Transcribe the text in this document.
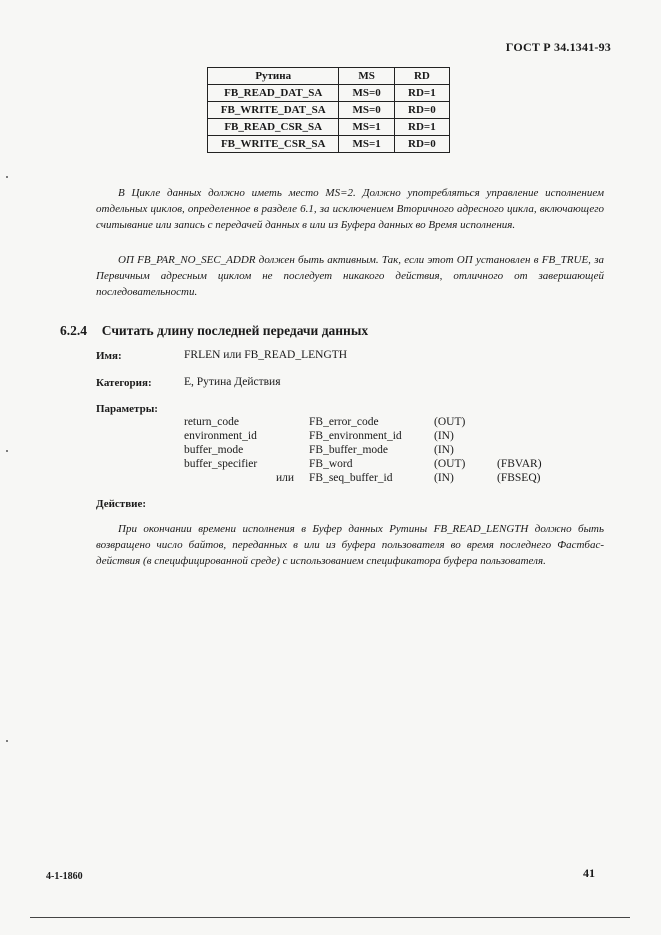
ГОСТ Р 34.1341-93
Рутина	MS	RD
FB_READ_DAT_SA	MS=0	RD=1
FB_WRITE_DAT_SA	MS=0	RD=0
FB_READ_CSR_SA	MS=1	RD=1
FB_WRITE_CSR_SA	MS=1	RD=0
В Цикле данных должно иметь место MS=2. Должно употребляться управление исполнением отдельных циклов, определенное в разделе 6.1, за исключением Вторичного адресного цикла, включающего считывание или запись с передачей данных в или из Буфера данных во Время исполнения.
ОП FB_PAR_NO_SEC_ADDR должен быть активным. Так, если этот ОП установлен в FB_TRUE, за Первичным адресным циклом не последует никакого действия, отличного от завершающей последовательности.
6.2.4 Считать длину последней передачи данных
Имя:	FRLEN или FB_READ_LENGTH
Категория:	Е, Рутина Действия
Параметры:
return_code	FB_error_code	(OUT)
environment_id	FB_environment_id	(IN)
buffer_mode	FB_buffer_mode	(IN)
buffer_specifier	FB_word	(OUT)	(FBVAR)
или FB_seq_buffer_id	(IN)	(FBSEQ)
Действие:
При окончании времени исполнения в Буфер данных Рутины FB_READ_LENGTH должно быть возвращено число байтов, переданных в или из буфера пользователя во время последнего Фастбас-действия (в специфицированной среде) с использованием спецификатора буфера пользователя.
4-1-1860	41
